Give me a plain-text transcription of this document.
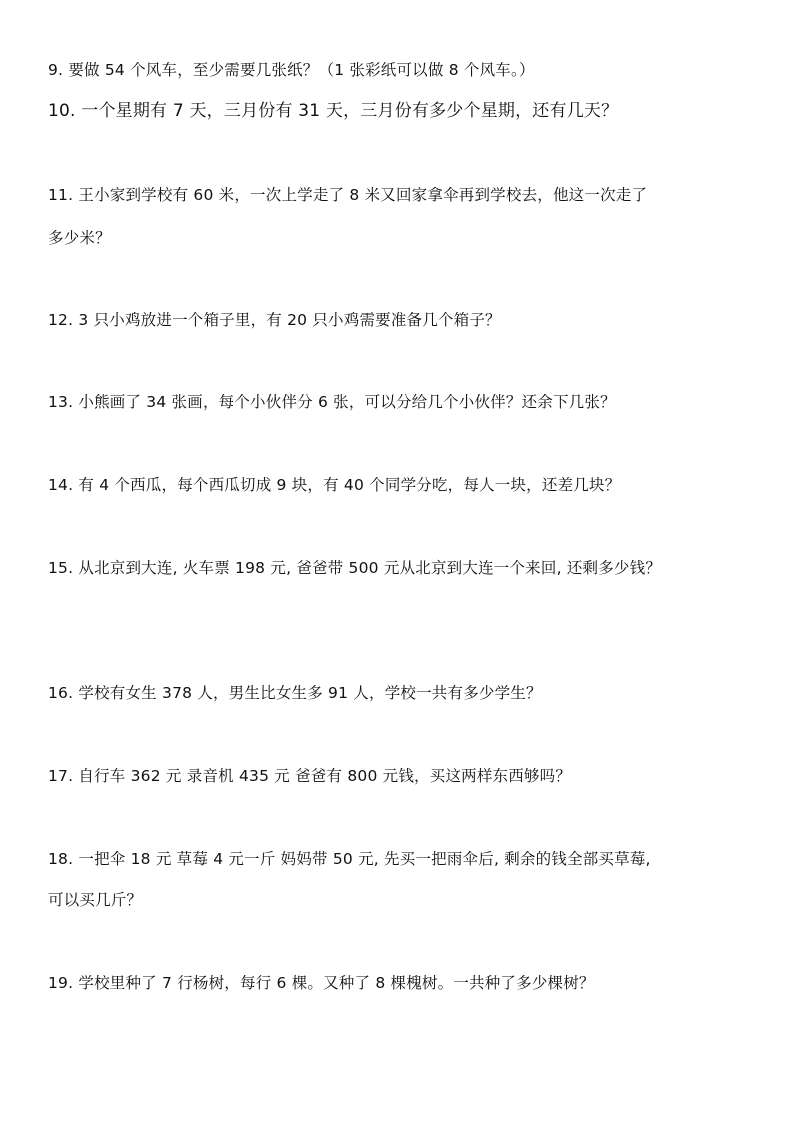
9. 要做 54 个风车，至少需要几张纸？（1 张彩纸可以做 8 个风车。）
10. 一个星期有 7 天，三月份有 31 天，三月份有多少个星期，还有几天？
11. 王小家到学校有 60 米，一次上学走了 8 米又回家拿伞再到学校去，他这一次走了
多少米？
12. 3 只小鸡放进一个箱子里，有 20 只小鸡需要准备几个箱子？
13. 小熊画了 34 张画，每个小伙伴分 6 张，可以分给几个小伙伴？还余下几张？
14. 有 4 个西瓜，每个西瓜切成 9 块，有 40 个同学分吃，每人一块，还差几块？
15. 从北京到大连, 火车票 198 元, 爸爸带 500 元从北京到大连一个来回, 还剩多少钱？
16. 学校有女生 378 人，男生比女生多 91 人，学校一共有多少学生？
17. 自行车 362 元 录音机 435 元 爸爸有 800 元钱，买这两样东西够吗？
18. 一把伞 18 元 草莓 4 元一斤 妈妈带 50 元, 先买一把雨伞后, 剩余的钱全部买草莓,
可以买几斤？
19. 学校里种了 7 行杨树，每行 6 棵。又种了 8 棵槐树。一共种了多少棵树？
